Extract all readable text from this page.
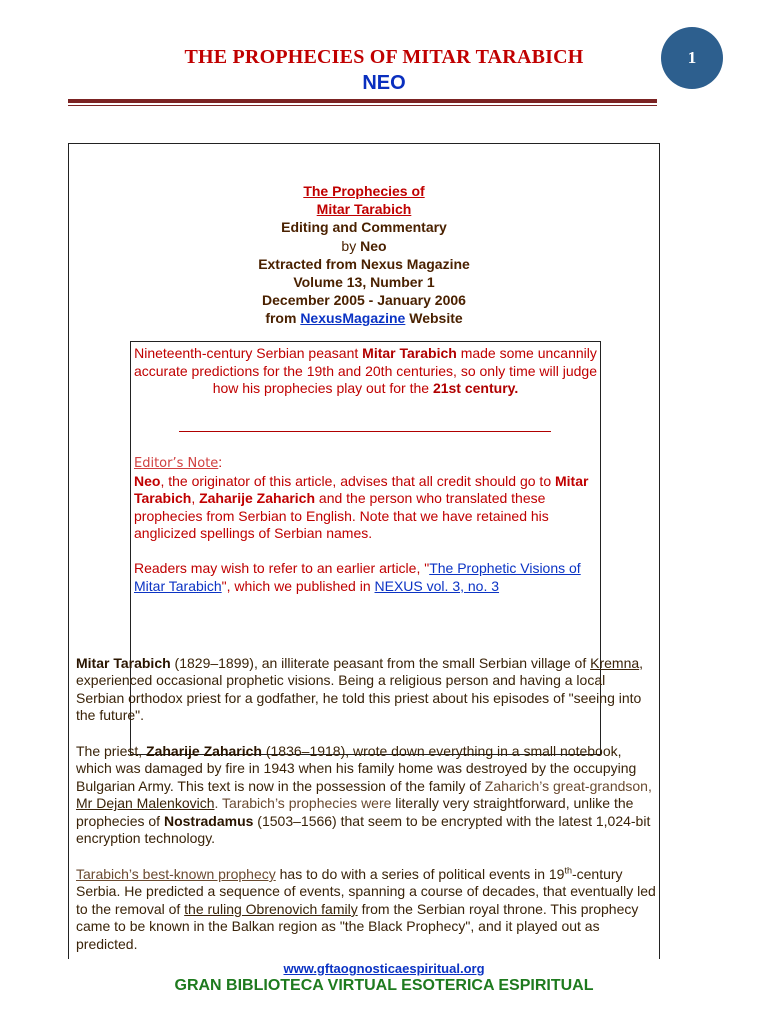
THE PROPHECIES OF MITAR TARABICH
NEO
1
The Prophecies of
Mitar Tarabich
Editing and Commentary
by Neo
Extracted from Nexus Magazine
Volume 13, Number 1
December 2005 - January 2006
from NexusMagazine Website
Nineteenth-century Serbian peasant Mitar Tarabich made some uncannily accurate predictions for the 19th and 20th centuries, so only time will judge how his prophecies play out for the 21st century.
Editor’s Note:
Neo, the originator of this article, advises that all credit should go to Mitar Tarabich, Zaharije Zaharich and the person who translated these prophecies from Serbian to English. Note that we have retained his anglicized spellings of Serbian names.
Readers may wish to refer to an earlier article, "The Prophetic Visions of Mitar Tarabich", which we published in NEXUS vol. 3, no. 3
Mitar Tarabich (1829–1899), an illiterate peasant from the small Serbian village of Kremna, experienced occasional prophetic visions. Being a religious person and having a local Serbian orthodox priest for a godfather, he told this priest about his episodes of "seeing into the future".
The priest, Zaharije Zaharich (1836–1918), wrote down everything in a small notebook, which was damaged by fire in 1943 when his family home was destroyed by the occupying Bulgarian Army. This text is now in the possession of the family of Zaharich’s great-grandson, Mr Dejan Malenkovich. Tarabich’s prophecies were literally very straightforward, unlike the prophecies of Nostradamus (1503–1566) that seem to be encrypted with the latest 1,024-bit encryption technology.
Tarabich’s best-known prophecy has to do with a series of political events in 19th-century Serbia. He predicted a sequence of events, spanning a course of decades, that eventually led to the removal of the ruling Obrenovich family from the Serbian royal throne. This prophecy came to be known in the Balkan region as "the Black Prophecy", and it played out as predicted.
www.gftaognosticaespiritual.org
GRAN BIBLIOTECA VIRTUAL ESOTERICA ESPIRITUAL
